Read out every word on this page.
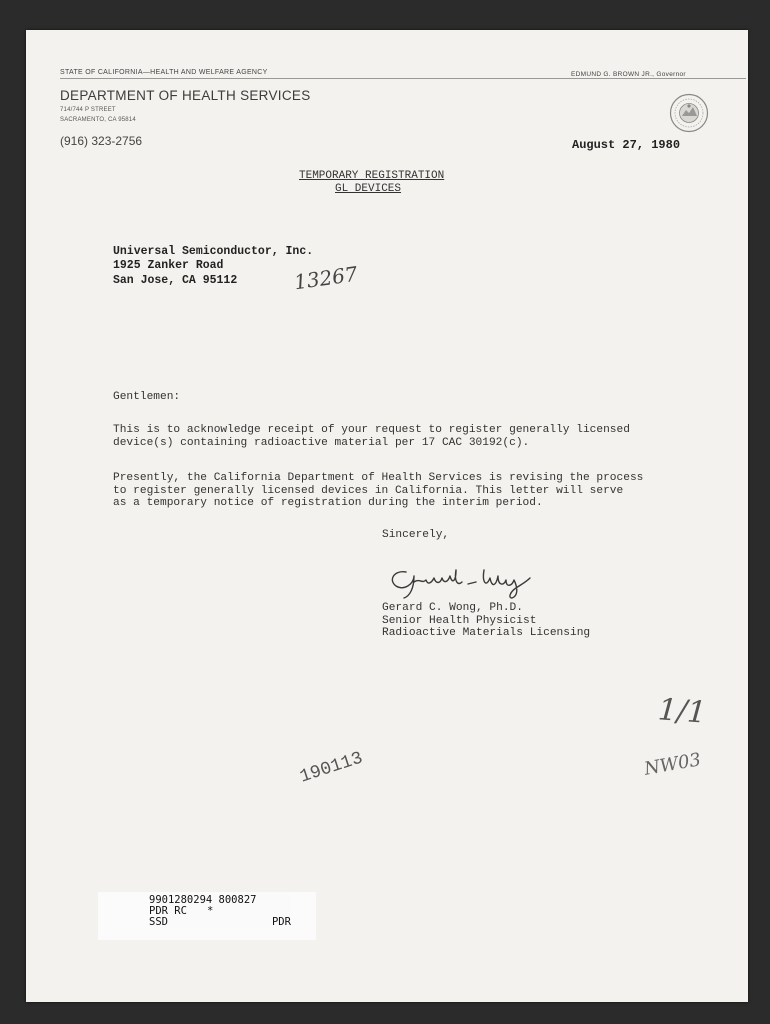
STATE OF CALIFORNIA—HEALTH AND WELFARE AGENCY	EDMUND G. BROWN JR., Governor
DEPARTMENT OF HEALTH SERVICES
714/744 P STREET
SACRAMENTO, CA 95814
(916) 323-2756
	August 27, 1980
TEMPORARY REGISTRATION
GL DEVICES
Universal Semiconductor, Inc.
1925 Zanker Road
San Jose, CA 95112	13267
Gentlemen:
This is to acknowledge receipt of your request to register generally licensed
device(s) containing radioactive material per 17 CAC 30192(c).
Presently, the California Department of Health Services is revising the process
to register generally licensed devices in California. This letter will serve
as a temporary notice of registration during the interim period.
Sincerely,
Gerard C. Wong, Ph.D.
Senior Health Physicist
Radioactive Materials Licensing
1/1
NW03
190113
9901280294 800827
PDR RC *
SSD	PDR
